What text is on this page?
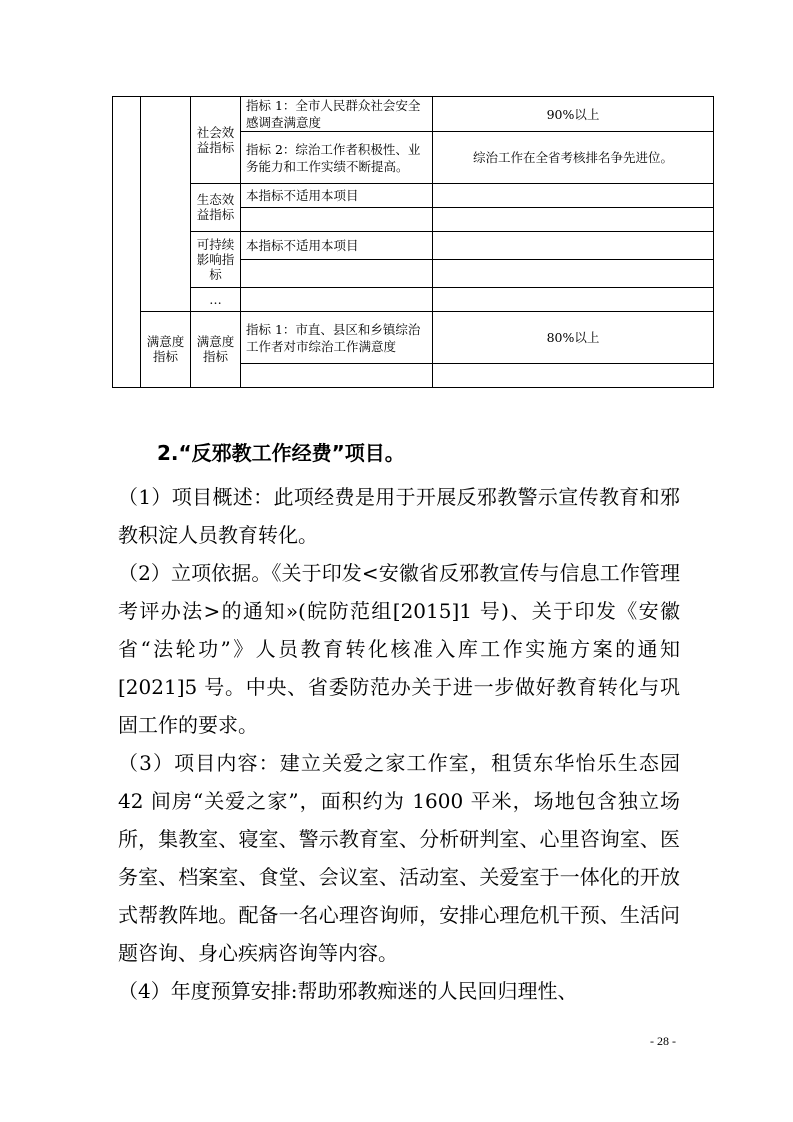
		社会效益指标	指标 1：全市人民群众社会安全感调查满意度	90%以上
			指标 2：综治工作者积极性、业务能力和工作实绩不断提高。	综治工作在全省考核排名争先进位。
		生态效益指标	本指标不适用本项目	

		可持续影响指标	本指标不适用本项目	

		…		
	满意度指标	满意度指标	指标 1：市直、县区和乡镇综治工作者对市综治工作满意度	80%以上

2.“反邪教工作经费”项目。

（1）项目概述：此项经费是用于开展反邪教警示宣传教育和邪教积淀人员教育转化。

（2）立项依据。《关于印发<安徽省反邪教宣传与信息工作管理考评办法>的通知»(皖防范组[2015]1 号)、关于印发《安徽省“法轮功”》人员教育转化核准入库工作实施方案的通知[2021]5 号。中央、省委防范办关于进一步做好教育转化与巩固工作的要求。

（3）项目内容：建立关爱之家工作室，租赁东华怡乐生态园 42 间房“关爱之家”，面积约为 1600 平米，场地包含独立场所，集教室、寝室、警示教育室、分析研判室、心里咨询室、医务室、档案室、食堂、会议室、活动室、关爱室于一体化的开放式帮教阵地。配备一名心理咨询师，安排心理危机干预、生活问题咨询、身心疾病咨询等内容。

（4）年度预算安排:帮助邪教痴迷的人民回归理性、

- 28 -
